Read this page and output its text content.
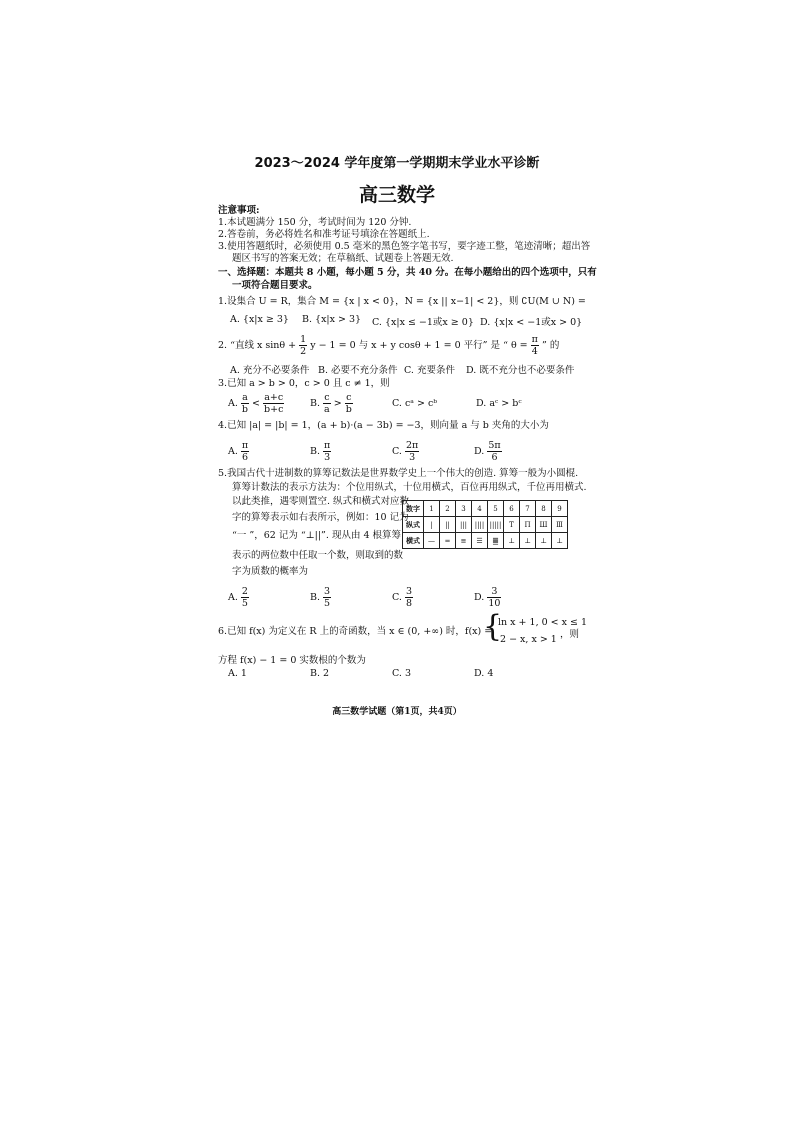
2023～2024 学年度第一学期期末学业水平诊断
高三数学
注意事项:
1.本试题满分 150 分，考试时间为 120 分钟.
2.答卷前，务必将姓名和准考证号填涂在答题纸上.
3.使用答题纸时，必须使用 0.5 毫米的黑色签字笔书写，要字迹工整，笔迹清晰；超出答
题区书写的答案无效；在草稿纸、试题卷上答题无效.
一、选择题：本题共 8 小题，每小题 5 分，共 40 分。在每小题给出的四个选项中，只有
一项符合题目要求。
1.设集合 U = R，集合 M = {x | x < 0}，N = {x || x−1| < 2}，则 ∁U(M ∪ N) =
A. {x|x ≥ 3} B. {x|x > 3} C. {x|x ≤ −1或x ≥ 0} D. {x|x < −1或x > 0}
2. “直线 x $\sin\theta + \frac{1}{2}$ y − 1 = 0 与 x + y cosθ + 1 = 0 平行” 是 “ $\theta = \frac{\pi}{4}$ ” 的
A. 充分不必要条件 B. 必要不充分条件 C. 充要条件 D. 既不充分也不必要条件
3.已知 a > b > 0，c > 0 且 c ≠ 1，则
A. $\frac{a}{b} < \frac{a+c}{b+c}$	B. $\frac{c}{a} > \frac{c}{b}$	C. cᵃ > cᵇ	D. aᶜ > bᶜ
4.已知 |a| = |b| = 1，(a + b)·(a − 3b) = −3，则向量 a 与 b 夹角的大小为
A. $\frac{\pi}{6}$	B. $\frac{\pi}{3}$	C. $\frac{2\pi}{3}$	D. $\frac{5\pi}{6}$
5.我国古代十进制数的算筹记数法是世界数学史上一个伟大的创造. 算筹一般为小圆棍.
算筹计数法的表示方法为：个位用纵式，十位用横式，百位再用纵式，千位再用横式.
以此类推，遇零则置空. 纵式和横式对应数
字的算筹表示如右表所示，例如：10 记为
“一 ”，62 记为 “⊥||”. 现从由 4 根算筹
表示的两位数中任取一个数，则取到的数
字为质数的概率为
数字	1	2	3	4	5	6	7	8	9
纵式	|	||	|||	||||	|||||	T	Π	Ш	Ⅲ
横式	—	═	≡	☰	䷀	⊥	⊥	⊥	⊥
A. $\frac{2}{5}$	B. $\frac{3}{5}$	C. $\frac{3}{8}$	D. $\frac{3}{10}$
6.已知 f(x) 为定义在 R 上的奇函数，当 x ∈ (0, +∞) 时，f(x) =
{
ln x + 1, 0 < x ≤ 1
2 − x, x > 1 ，则
方程 f(x) − 1 = 0 实数根的个数为
A. 1	B. 2	C. 3	D. 4
高三数学试题（第1页，共4页）
